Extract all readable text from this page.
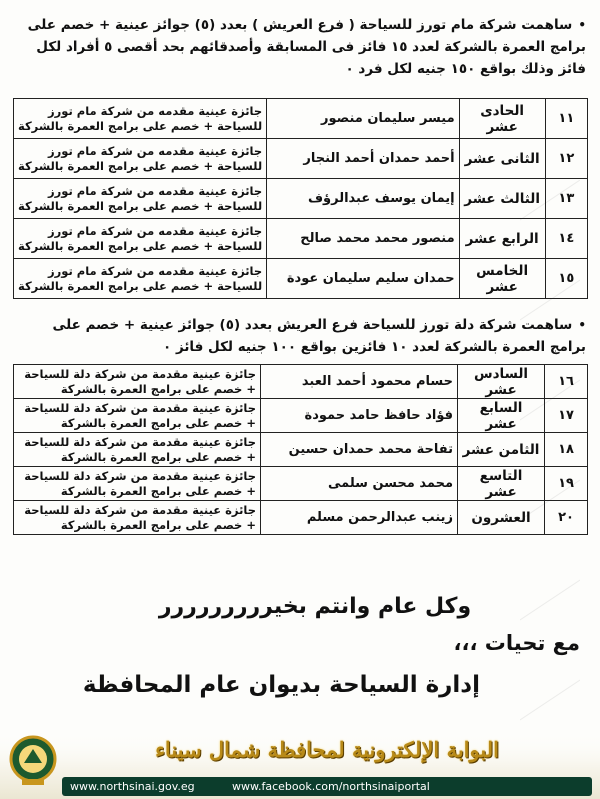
•ساهمت شركة مام تورز للسياحة ( فرع العريش ) بعدد (٥) جوائز عينية + خصم على برامج العمرة بالشركة لعدد ١٥ فائز فى المسابقة وأصدقائهم بحد أقصى ٥ أفراد لكل فائز وذلك بواقع ١٥٠ جنيه لكل فرد ٠
١١	الحادى عشر	ميسر سليمان منصور	جائزة عينية مقدمه من شركة مام تورز
للسياحة + خصم على برامج العمرة بالشركة

١٢	الثانى عشر	أحمد حمدان أحمد النجار	جائزة عينية مقدمه من شركة مام تورز
للسياحة + خصم على برامج العمرة بالشركة

١٣	الثالث عشر	إيمان يوسف عبدالرؤف	جائزة عينية مقدمه من شركة مام تورز
للسياحة + خصم على برامج العمرة بالشركة

١٤	الرابع عشر	منصور محمد محمد صالح	جائزة عينية مقدمه من شركة مام تورز
للسياحة + خصم على برامج العمرة بالشركة

١٥	الخامس عشر	حمدان سليم سليمان عودة	جائزة عينية مقدمه من شركة مام تورز
للسياحة + خصم على برامج العمرة بالشركة
•ساهمت شركة دلة تورز للسياحة فرع العريش بعدد (٥) جوائز عينية + خصم على برامج العمرة بالشركة لعدد ١٠ فائزين بواقع ١٠٠ جنيه لكل فائز ٠
١٦	السادس عشر	حسام محمود أحمد العبد	جائزة عينية مقدمة من شركة دلة للسياحة
+ خصم على برامج العمرة بالشركة

١٧	السابع عشر	فؤاد حافظ حامد حمودة	جائزة عينية مقدمة من شركة دلة للسياحة
+ خصم على برامج العمرة بالشركة

١٨	الثامن عشر	تفاحة محمد حمدان حسين	جائزة عينية مقدمة من شركة دلة للسياحة
+ خصم على برامج العمرة بالشركة

١٩	التاسع عشر	محمد محسن سلمى	جائزة عينية مقدمة من شركة دلة للسياحة
+ خصم على برامج العمرة بالشركة

٢٠	العشرون	زينب عبدالرحمن مسلم	جائزة عينية مقدمة من شركة دلة للسياحة
+ خصم على برامج العمرة بالشركة
وكل عام وانتم بخيررررررررر
مع تحيات ،،،
إدارة السياحة بديوان عام المحافظة
البوابة الإلكترونية لمحافظة شمال سيناء
www.northsinai.gov.eg	www.facebook.com/northsinaiportal
